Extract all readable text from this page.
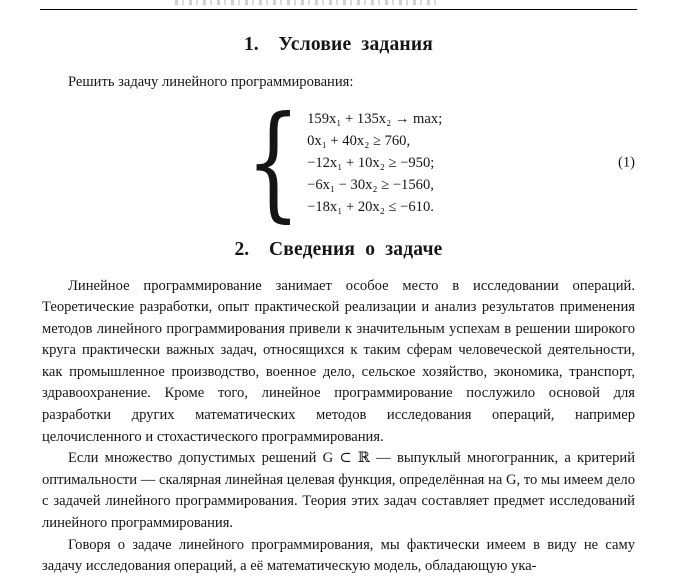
1. Условие задания

Решить задачу линейного программирования:

{ 159x₁ + 135x₂ → max;
0x₁ + 40x₂ ≥ 760,
−12x₁ + 10x₂ ≥ −950;
−6x₁ − 30x₂ ≥ −1560,
−18x₁ + 20x₂ ≤ −610.
(1)
2. Сведения о задаче

Линейное программирование занимает особое место в исследовании операций. Теоретические разработки, опыт практической реализации и анализ результатов применения методов линейного программирования привели к значительным успехам в решении широкого круга практически важных задач, относящихся к таким сферам человеческой деятельности, как промышленное производство, военное дело, сельское хозяйство, экономика, транспорт, здравоохранение. Кроме того, линейное программирование послужило основой для разработки других математических методов исследования операций, например целочисленного и стохастического программирования.

Если множество допустимых решений G ⊂ ℝ — выпуклый многогранник, а критерий оптимальности — скалярная линейная целевая функция, определённая на G, то мы имеем дело с задачей линейного программирования. Теория этих задач составляет предмет исследований линейного программирования.

Говоря о задаче линейного программирования, мы фактически имеем в виду не саму задачу исследования операций, а её математическую модель, обладающую ука-
